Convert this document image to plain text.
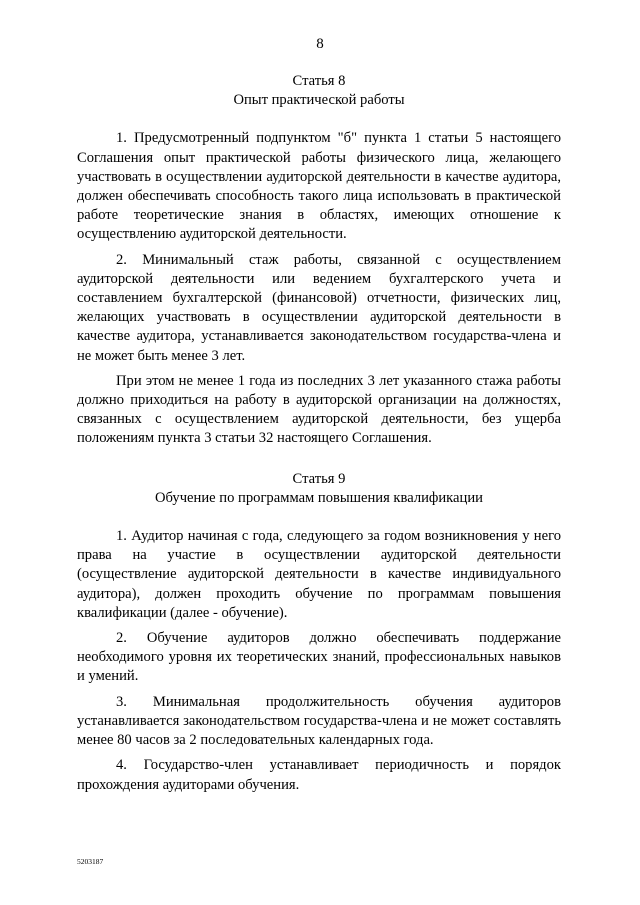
8

Статья 8

Опыт практической работы

1. Предусмотренный подпунктом "б" пункта 1 статьи 5 настоящего Соглашения опыт практической работы физического лица, желающего участвовать в осуществлении аудиторской деятельности в качестве аудитора, должен обеспечивать способность такого лица использовать в практической работе теоретические знания в областях, имеющих отношение к осуществлению аудиторской деятельности.

2. Минимальный стаж работы, связанной с осуществлением аудиторской деятельности или ведением бухгалтерского учета и составлением бухгалтерской (финансовой) отчетности, физических лиц, желающих участвовать в осуществлении аудиторской деятельности в качестве аудитора, устанавливается законодательством государства-члена и не может быть менее 3 лет.

При этом не менее 1 года из последних 3 лет указанного стажа работы должно приходиться на работу в аудиторской организации на должностях, связанных с осуществлением аудиторской деятельности, без ущерба положениям пункта 3 статьи 32 настоящего Соглашения.

Статья 9

Обучение по программам повышения квалификации

1. Аудитор начиная с года, следующего за годом возникновения у него права на участие в осуществлении аудиторской деятельности (осуществление аудиторской деятельности в качестве индивидуального аудитора), должен проходить обучение по программам повышения квалификации (далее - обучение).

2. Обучение аудиторов должно обеспечивать поддержание необходимого уровня их теоретических знаний, профессиональных навыков и умений.

3. Минимальная продолжительность обучения аудиторов устанавливается законодательством государства-члена и не может составлять менее 80 часов за 2 последовательных календарных года.

4. Государство-член устанавливает периодичность и порядок прохождения аудиторами обучения.

5203187
